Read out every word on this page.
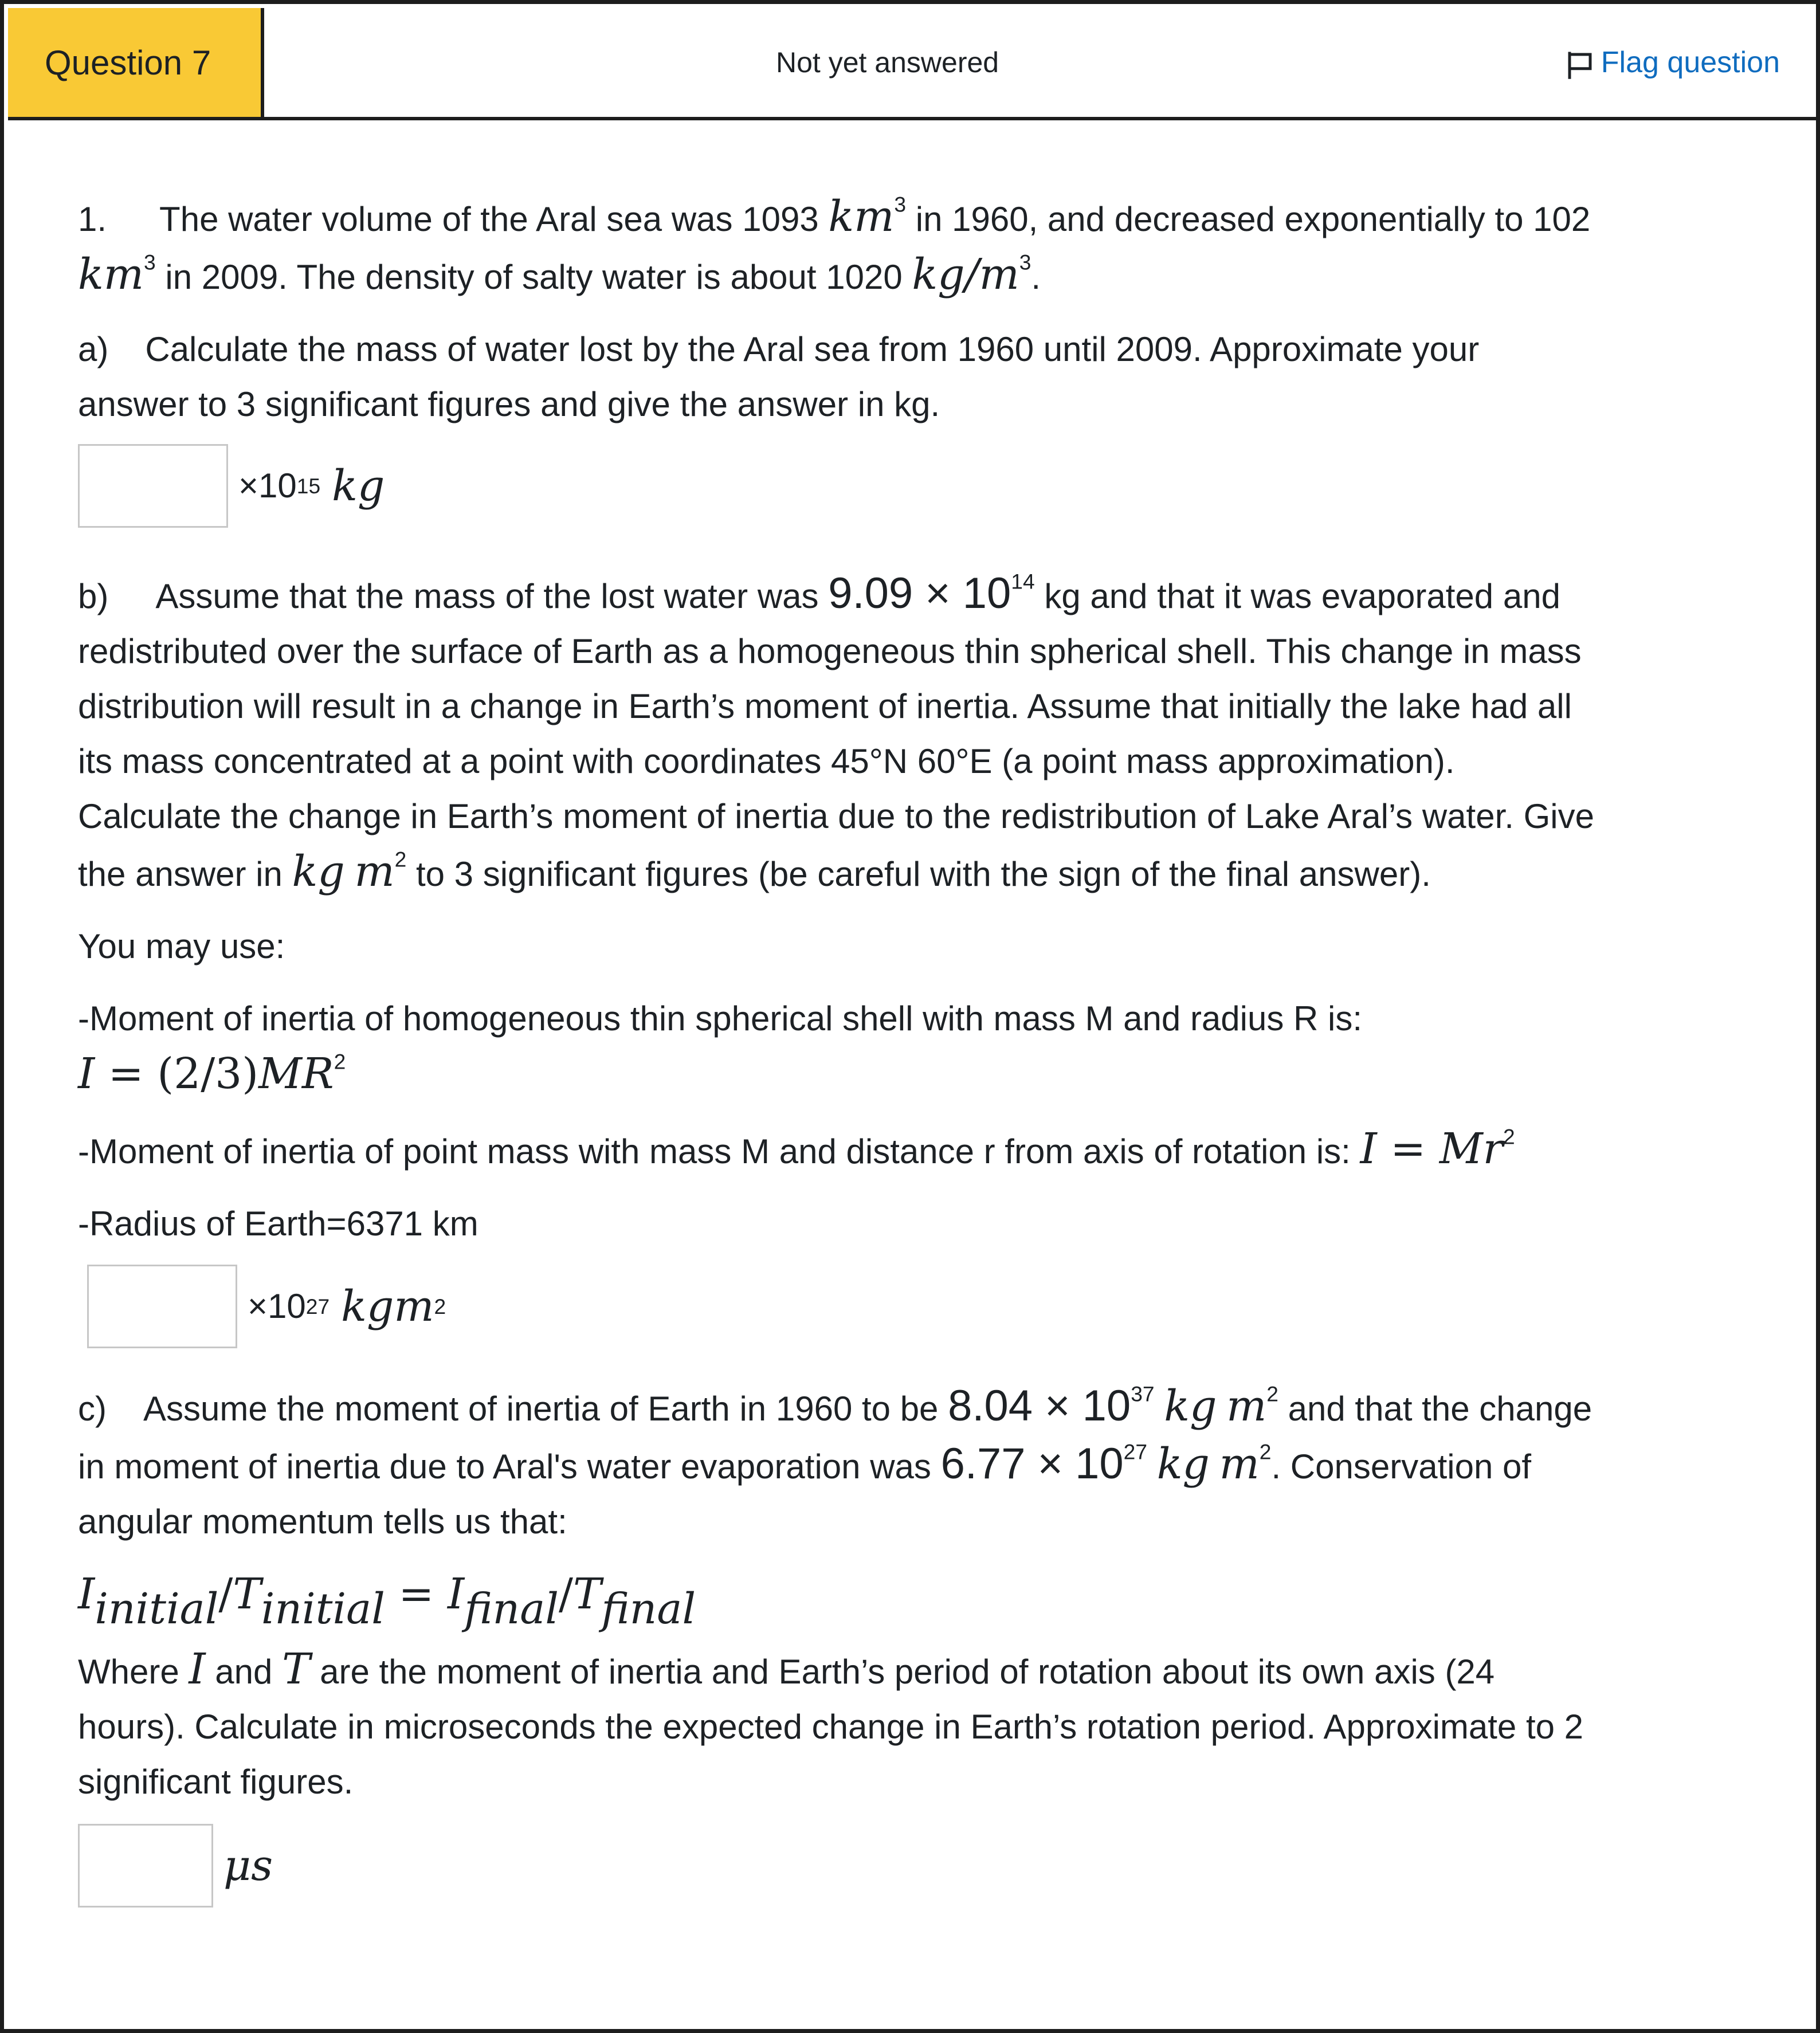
Question 7	Not yet answered	Flag question

1. The water volume of the Aral sea was 1093 $km^3$ in 1960, and decreased exponentially to 102
$km^3$ in 2009. The density of salty water is about 1020 $kg/m^3$.

a) Calculate the mass of water lost by the Aral sea from 1960 until 2009. Approximate your
answer to 3 significant figures and give the answer in kg.

×10 15 kg

b) Assume that the mass of the lost water was $9.09 \times 10^{14}$ kg and that it was evaporated and
redistributed over the surface of Earth as a homogeneous thin spherical shell. This change in mass
distribution will result in a change in Earth’s moment of inertia. Assume that initially the lake had all
its mass concentrated at a point with coordinates 45°N 60°E (a point mass approximation).
Calculate the change in Earth’s moment of inertia due to the redistribution of Lake Aral’s water. Give
the answer in kg $m^2$ to 3 significant figures (be careful with the sign of the final answer).

You may use:

-Moment of inertia of homogeneous thin spherical shell with mass M and radius R is:
$I = (2/3)MR^2$

-Moment of inertia of point mass with mass M and distance r from axis of rotation is: $I = Mr^2$

-Radius of Earth=6371 km

×10 27 kg m 2

c) Assume the moment of inertia of Earth in 1960 to be $8.04 \times 10^{37}$ kg $m^2$ and that the change
in moment of inertia due to Aral's water evaporation was $6.77 \times 10^{27}$ kg $m^2$. Conservation of
angular momentum tells us that:

$I_{initial}/T_{initial} = I_{final}/T_{final}$

Where I and T are the moment of inertia and Earth’s period of rotation about its own axis (24
hours). Calculate in microseconds the expected change in Earth’s rotation period. Approximate to 2
significant figures.

μ s
